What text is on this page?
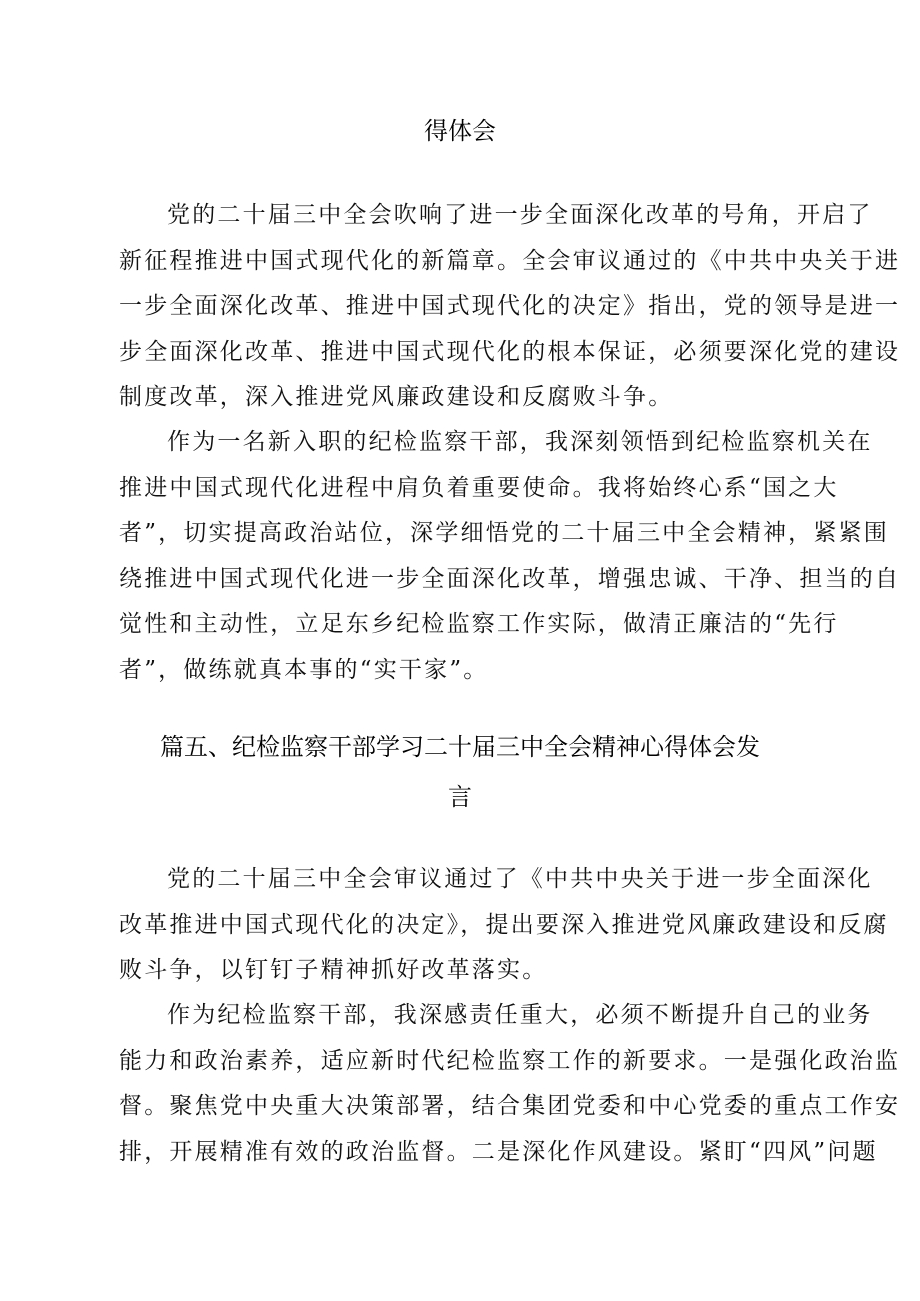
得体会
党的二十届三中全会吹响了进一步全面深化改革的号角，开启了
新征程推进中国式现代化的新篇章。全会审议通过的《中共中央关于进
一步全面深化改革、推进中国式现代化的决定》指出，党的领导是进一
步全面深化改革、推进中国式现代化的根本保证，必须要深化党的建设
制度改革，深入推进党风廉政建设和反腐败斗争。
作为一名新入职的纪检监察干部，我深刻领悟到纪检监察机关在
推进中国式现代化进程中肩负着重要使命。我将始终心系“国之大
者”，切实提高政治站位，深学细悟党的二十届三中全会精神，紧紧围
绕推进中国式现代化进一步全面深化改革，增强忠诚、干净、担当的自
觉性和主动性，立足东乡纪检监察工作实际，做清正廉洁的“先行
者”，做练就真本事的“实干家”。
篇五、纪检监察干部学习二十届三中全会精神心得体会发
言
党的二十届三中全会审议通过了《中共中央关于进一步全面深化
改革推进中国式现代化的决定》，提出要深入推进党风廉政建设和反腐
败斗争，以钉钉子精神抓好改革落实。
作为纪检监察干部，我深感责任重大，必须不断提升自己的业务
能力和政治素养，适应新时代纪检监察工作的新要求。一是强化政治监
督。聚焦党中央重大决策部署，结合集团党委和中心党委的重点工作安
排，开展精准有效的政治监督。二是深化作风建设。紧盯“四风”问题
